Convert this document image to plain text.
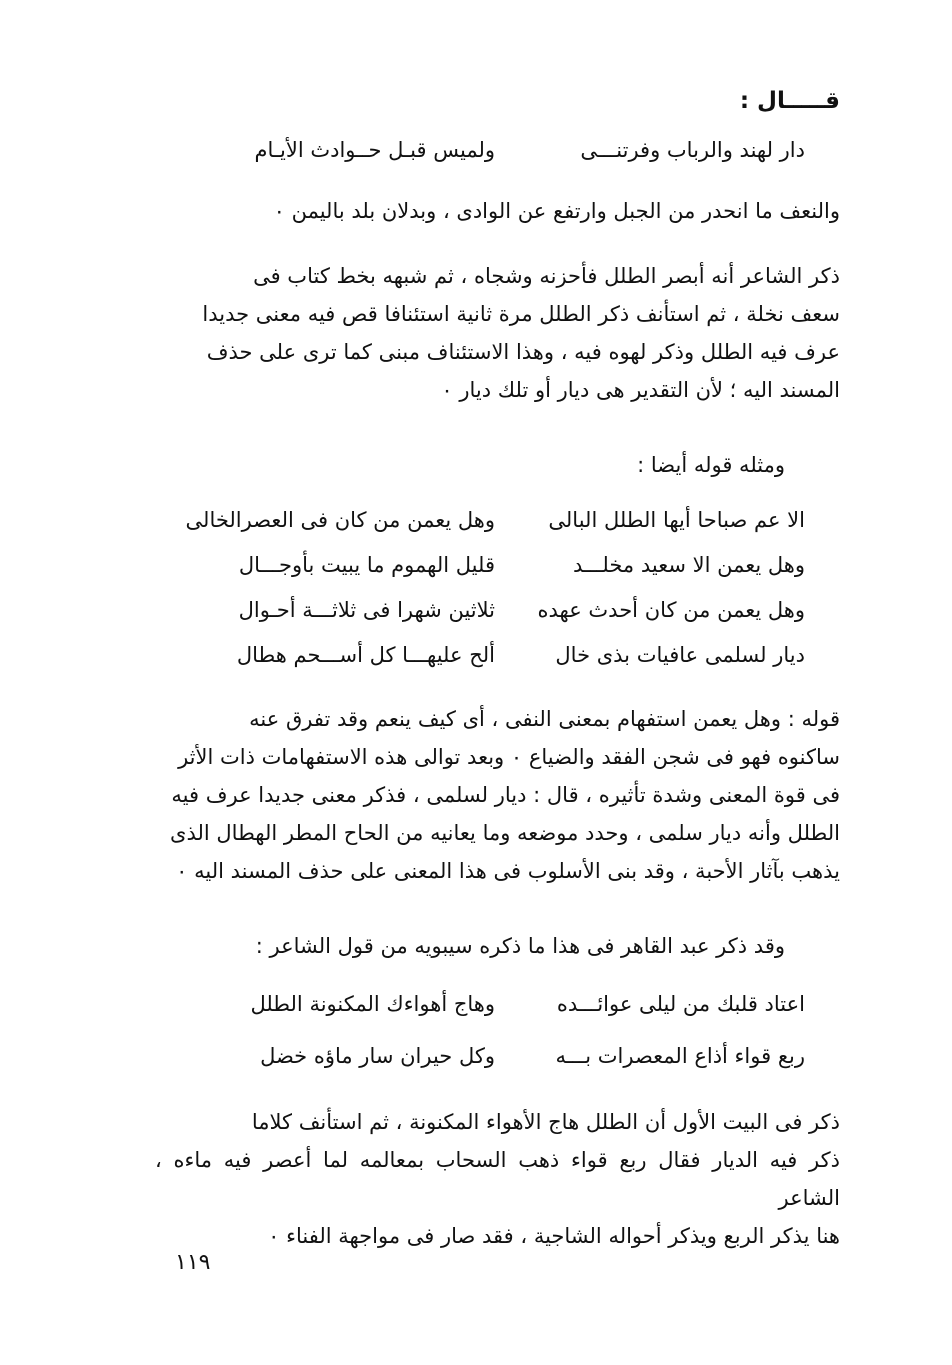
قـــــال :
دار لهند والرباب وفرتنـــى
ولميس قبـل حــوادث الأيـام
والنعف ما انحدر من الجبل وارتفع عن الوادى ، وبدلان بلد باليمن ٠

ذكر الشاعر أنه أبصر الطلل فأحزنه وشجاه ، ثم شبهه بخط كتاب فى

سعف نخلة ، ثم استأنف ذكر الطلل مرة ثانية استئنافا قص فيه معنى جديدا

عرف فيه الطلل وذكر لهوه فيه ، وهذا الاستئناف مبنى كما ترى على حذف

المسند اليه ؛ لأن التقدير هى ديار أو تلك ديار ٠

ومثله قوله أيضا :
الا عم صباحا أيها الطلل البالى
وهل يعمن من كان فى العصرالخالى
وهل يعمن الا سعيد مخلـــد
قليل الهموم ما يبيت بأوجـــال
وهل يعمن من كان أحدث عهده
ثلاثين شهرا فى ثلاثـــة أحـوال
ديار لسلمى عافيات بذى خال
ألح عليهـــا كل أســـحم هطال

قوله : وهل يعمن استفهام بمعنى النفى ، أى كيف ينعم وقد تفرق عنه

ساكنوه فهو فى شجن الفقد والضياع ٠ وبعد توالى هذه الاستفهامات ذات الأثر

فى قوة المعنى وشدة تأثيره ، قال : ديار لسلمى ، فذكر معنى جديدا عرف فيه

الطلل وأنه ديار سلمى ، وحدد موضعه وما يعانيه من الحاح المطر الهطال الذى

يذهب بآثار الأحبة ، وقد بنى الأسلوب فى هذا المعنى على حذف المسند اليه ٠

وقد ذكر عبد القاهر فى هذا ما ذكره سيبويه من قول الشاعر :
اعتاد قلبك من ليلى عوائـــده
وهاج أهواءك المكنونة الطلل
ربع قواء أذاع المعصرات بـــه
وكل حيران سار ماؤه خضل

ذكر فى البيت الأول أن الطلل هاج الأهواء المكنونة ، ثم استأنف كلاما

ذكر فيه الديار فقال ربع قواء ذهب السحاب بمعالمه لما أعصر فيه ماءه ، الشاعر

هنا يذكر الربع ويذكر أحواله الشاجية ، فقد صار فى مواجهة الفناء ٠

١١٩
